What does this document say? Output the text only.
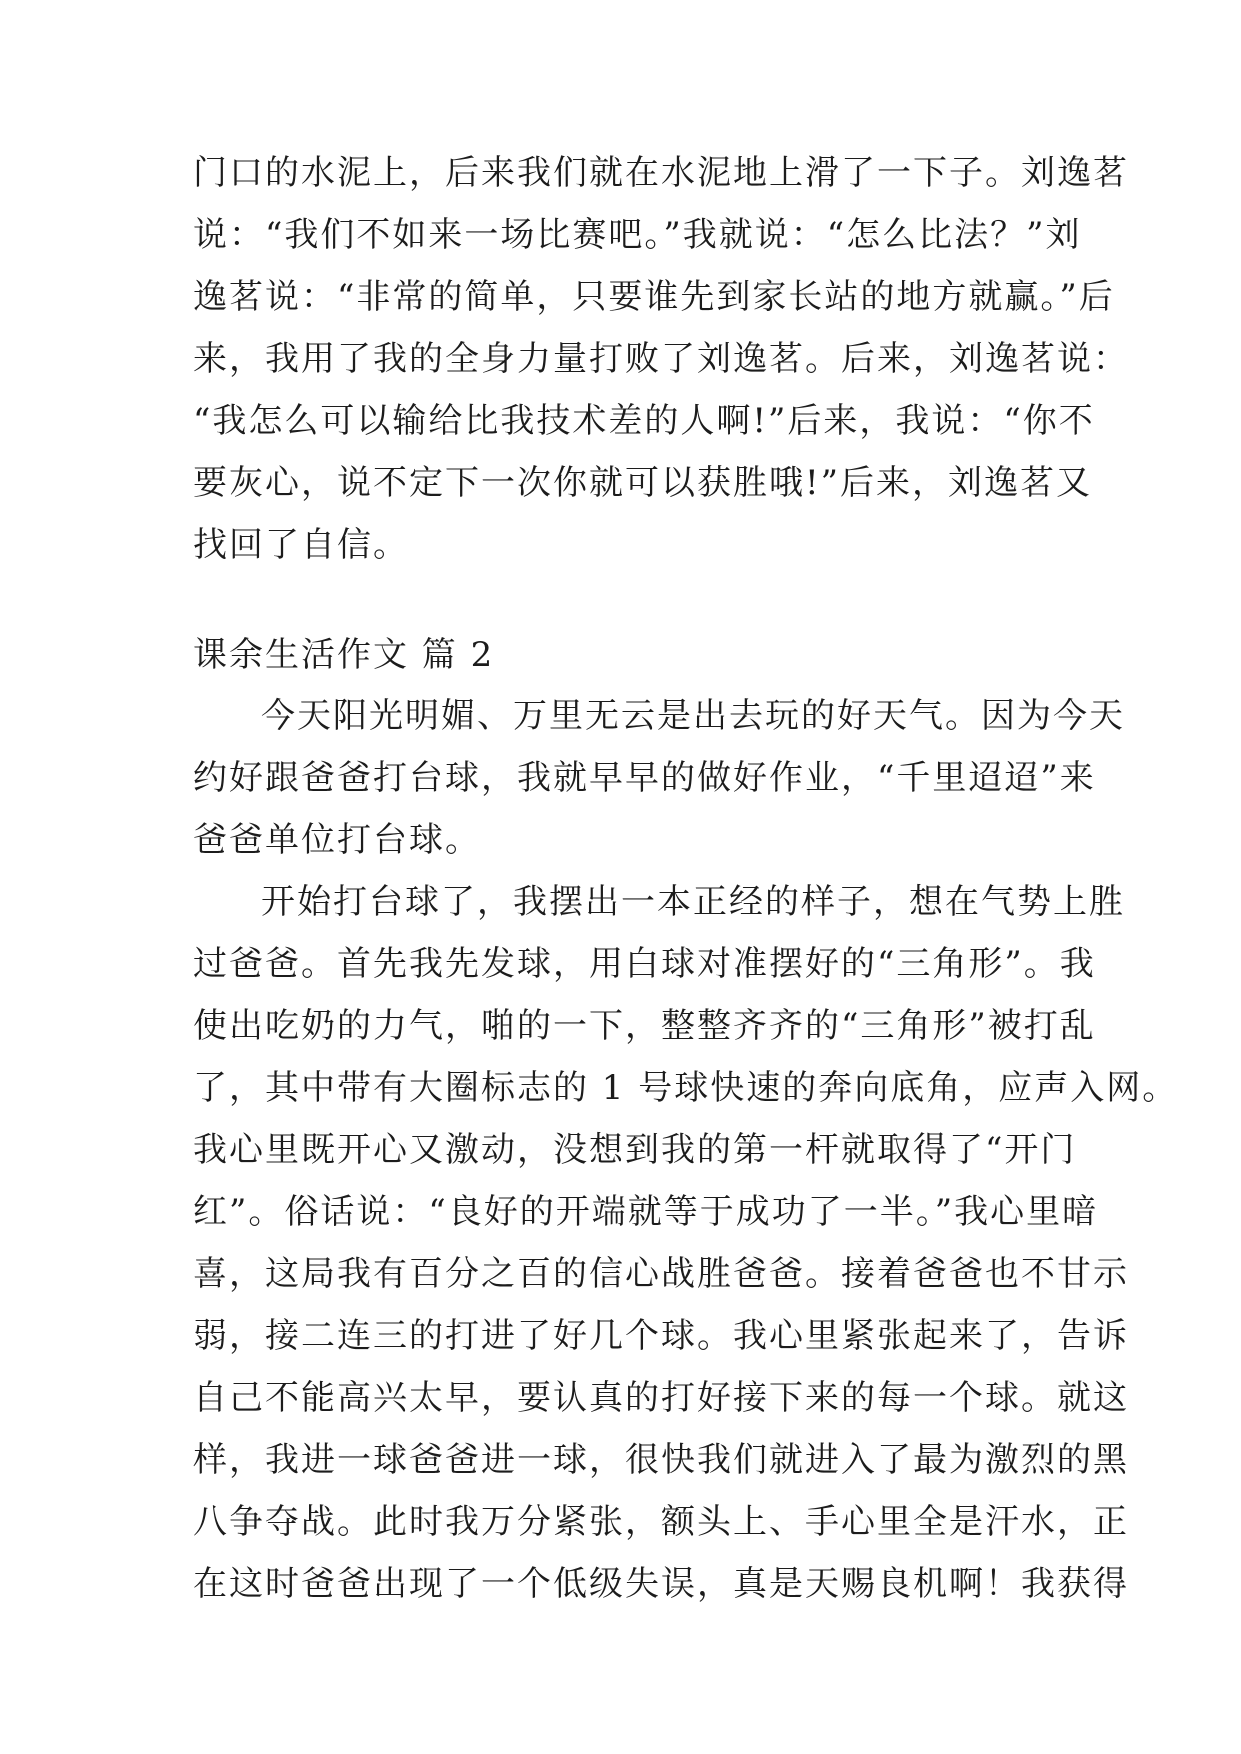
门口的水泥上，后来我们就在水泥地上滑了一下子。刘逸茗
说：“我们不如来一场比赛吧。”我就说：“怎么比法？”刘
逸茗说：“非常的简单，只要谁先到家长站的地方就赢。”后
来，我用了我的全身力量打败了刘逸茗。后来，刘逸茗说：
“我怎么可以输给比我技术差的人啊!”后来，我说：“你不
要灰心，说不定下一次你就可以获胜哦!”后来，刘逸茗又
找回了自信。
课余生活作文 篇 2
今天阳光明媚、万里无云是出去玩的好天气。因为今天
约好跟爸爸打台球，我就早早的做好作业，“千里迢迢”来
爸爸单位打台球。
开始打台球了，我摆出一本正经的样子，想在气势上胜
过爸爸。首先我先发球，用白球对准摆好的“三角形”。我
使出吃奶的力气，啪的一下，整整齐齐的“三角形”被打乱
了，其中带有大圈标志的 1 号球快速的奔向底角，应声入网。
我心里既开心又激动，没想到我的第一杆就取得了“开门
红”。俗话说：“良好的开端就等于成功了一半。”我心里暗
喜，这局我有百分之百的信心战胜爸爸。接着爸爸也不甘示
弱，接二连三的打进了好几个球。我心里紧张起来了，告诉
自己不能高兴太早，要认真的打好接下来的每一个球。就这
样，我进一球爸爸进一球，很快我们就进入了最为激烈的黑
八争夺战。此时我万分紧张，额头上、手心里全是汗水，正
在这时爸爸出现了一个低级失误，真是天赐良机啊！我获得
